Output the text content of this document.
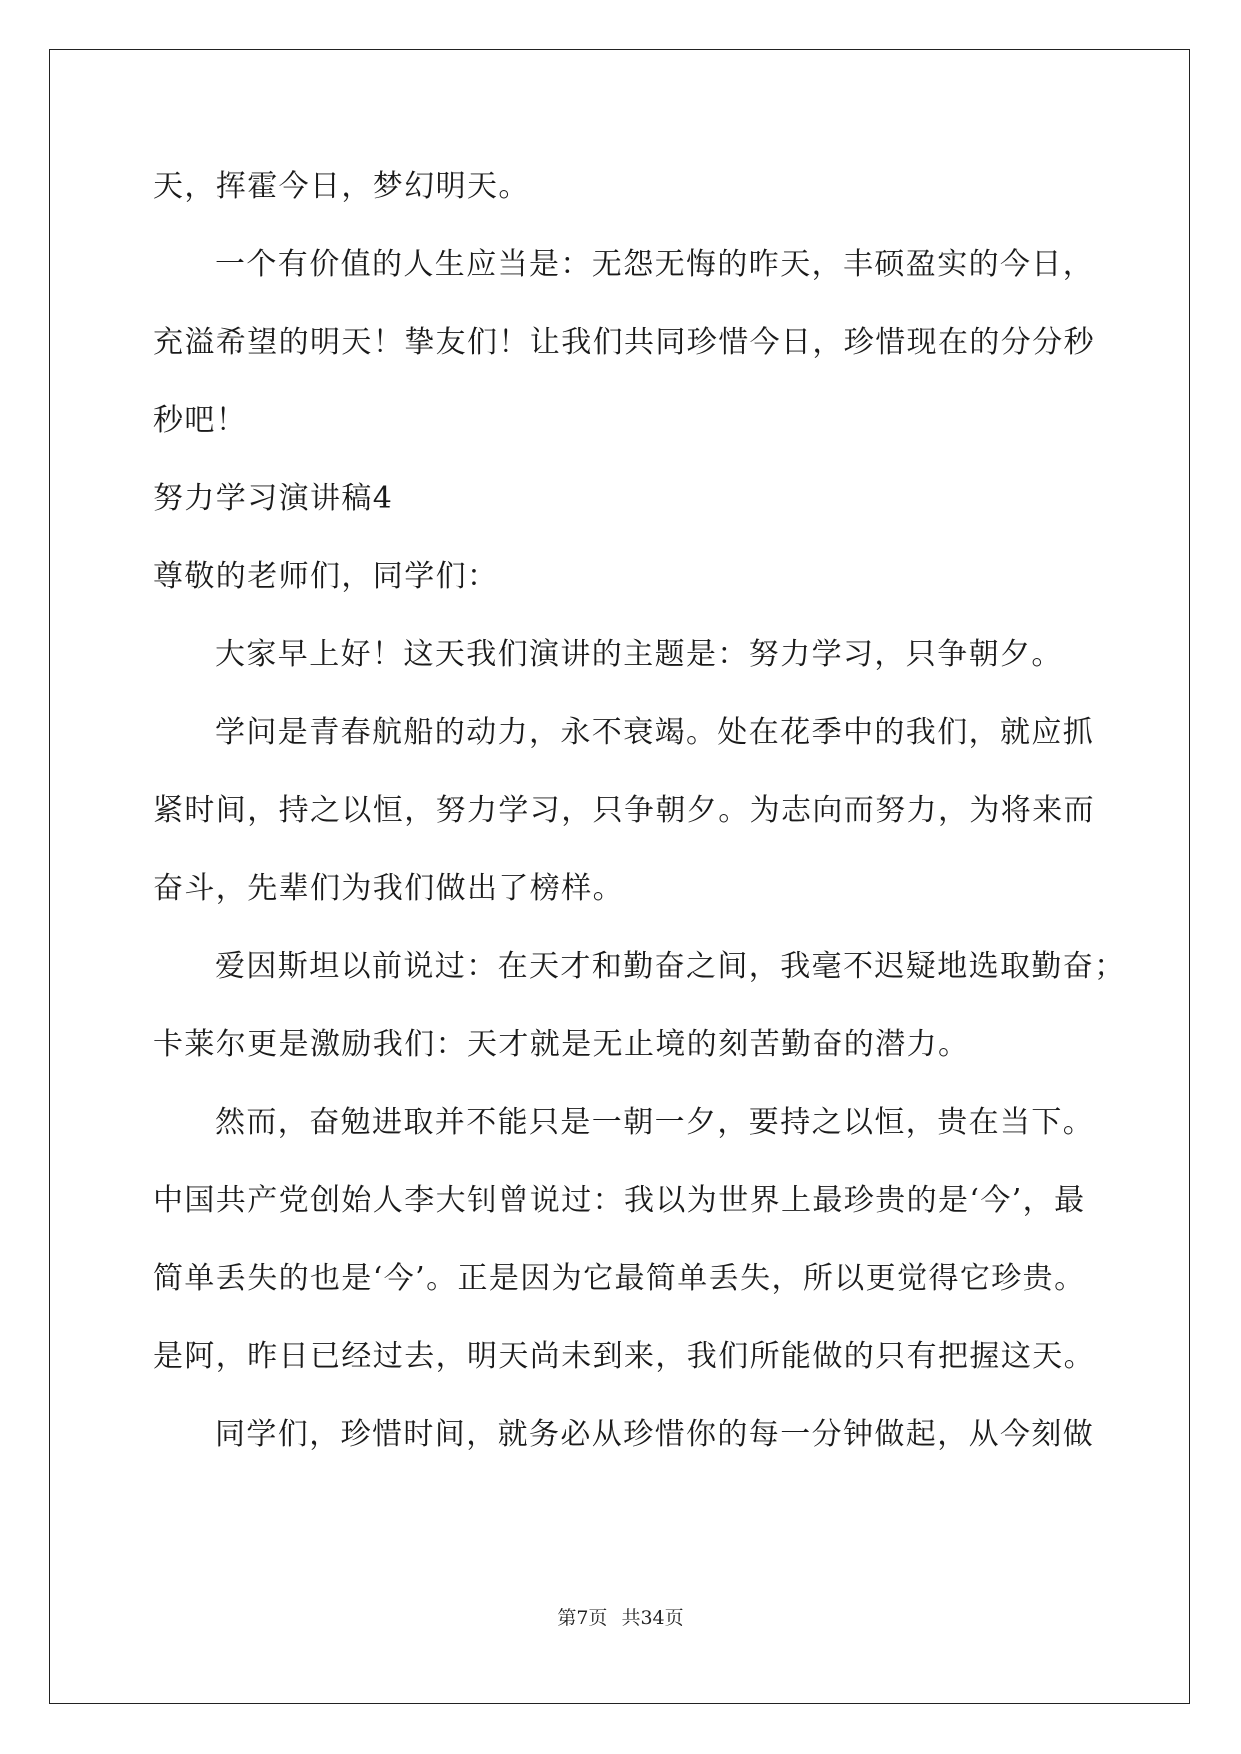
天，挥霍今日，梦幻明天。
一个有价值的人生应当是：无怨无悔的昨天，丰硕盈实的今日，
充溢希望的明天！挚友们！让我们共同珍惜今日，珍惜现在的分分秒
秒吧！
努力学习演讲稿4
尊敬的老师们，同学们：
大家早上好！这天我们演讲的主题是：努力学习，只争朝夕。
学问是青春航船的动力，永不衰竭。处在花季中的我们，就应抓
紧时间，持之以恒，努力学习，只争朝夕。为志向而努力，为将来而
奋斗，先辈们为我们做出了榜样。
爱因斯坦以前说过：在天才和勤奋之间，我毫不迟疑地选取勤奋；
卡莱尔更是激励我们：天才就是无止境的刻苦勤奋的潜力。
然而，奋勉进取并不能只是一朝一夕，要持之以恒，贵在当下。
中国共产党创始人李大钊曾说过：我以为世界上最珍贵的是‘今’，最
简单丢失的也是‘今’。正是因为它最简单丢失，所以更觉得它珍贵。
是阿，昨日已经过去，明天尚未到来，我们所能做的只有把握这天。
同学们，珍惜时间，就务必从珍惜你的每一分钟做起，从今刻做
第7页 共34页
